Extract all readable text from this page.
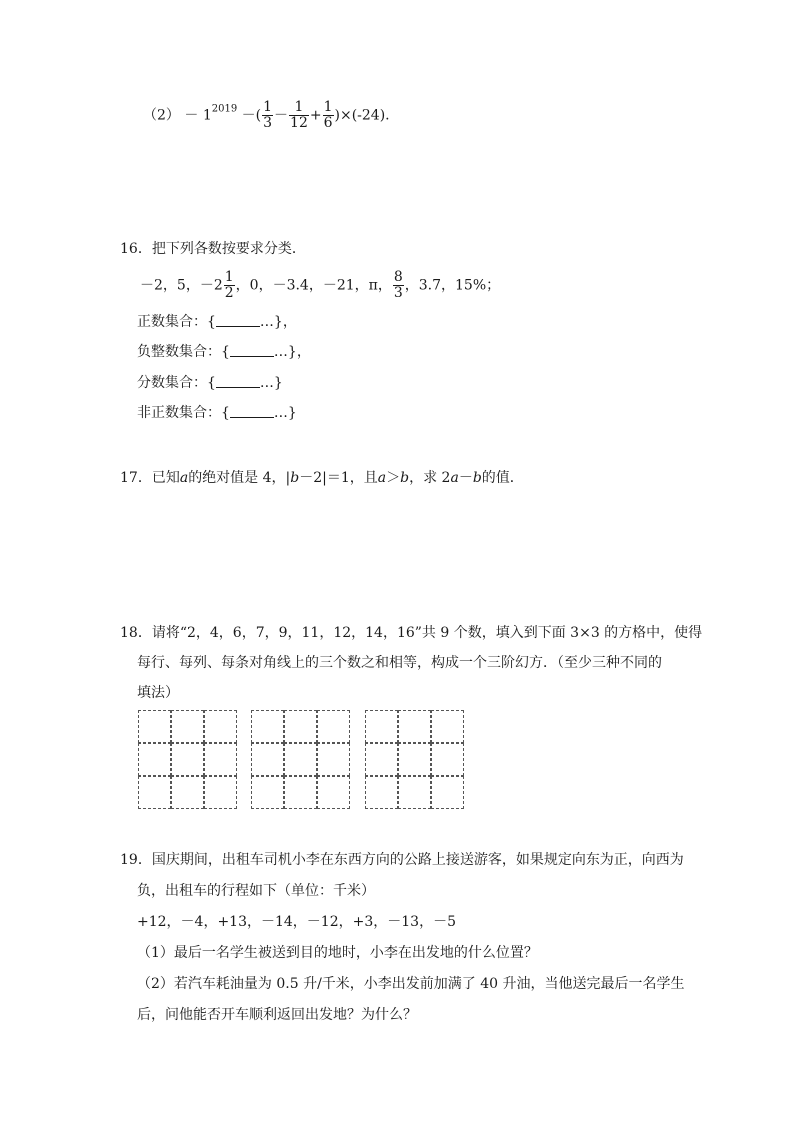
$(2) - 1^{2019}$ －( $\frac{1}{3} - \frac{1}{12} + \frac{1}{6} )\times(-24)$.
16．把下列各数按要求分类．
－2，5，$-2 \frac{1}{2}$ ，0，－3.4，－21，π， $\frac{8}{3}$ ，3.7，15%；
正数集合：{	…}，
负整数集合：{	…}，
分数集合：{	…}
非正数集合：{	…}
17．已知a的绝对值是 4，|b－2|＝1，且a＞b，求 2a－b的值．
18．请将“2，4，6，7，9，11，12，14，16”共 9 个数，填入到下面 3×3 的方格中，使得
每行、每列、每条对角线上的三个数之和相等，构成一个三阶幻方．（至少三种不同的
填法）
19．国庆期间，出租车司机小李在东西方向的公路上接送游客，如果规定向东为正，向西为
负，出租车的行程如下（单位：千米）
+12，－4，+13，－14，－12，+3，－13，－5
（1）最后一名学生被送到目的地时，小李在出发地的什么位置？
（2）若汽车耗油量为 0.5 升/千米，小李出发前加满了 40 升油，当他送完最后一名学生
后，问他能否开车顺利返回出发地？为什么？
